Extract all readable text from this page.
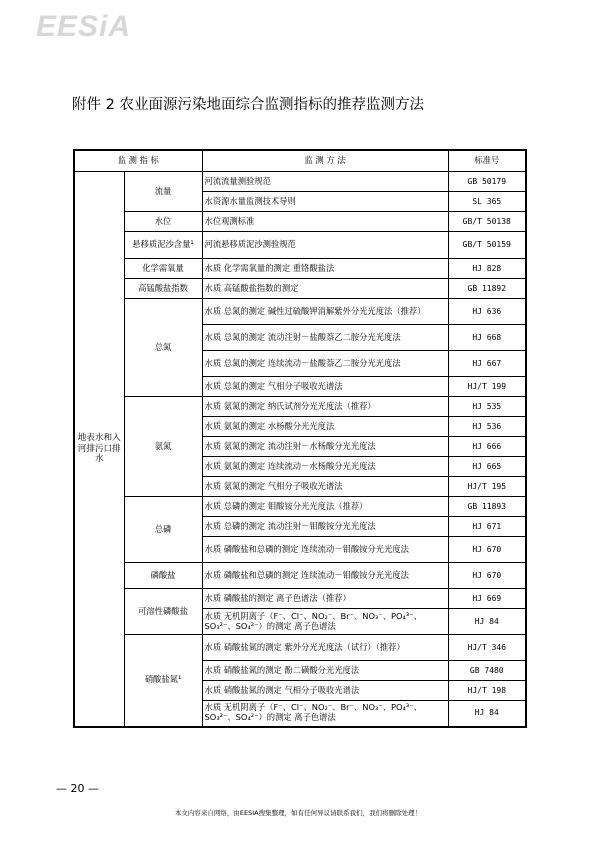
EESiA
附件 2 农业面源污染地面综合监测指标的推荐监测方法
监 测 指 标		监 测 方 法	标准号
地表水和入河排污口排水	流量	河流流量测验规范	GB 50179
		水资源水量监测技术导则	SL 365
	水位	水位观测标准	GB/T 50138
	悬移质泥沙含量¹	河流悬移质泥沙测验规范	GB/T 50159
	化学需氧量	水质 化学需氧量的测定 重铬酸盐法	HJ 828
	高锰酸盐指数	水质 高锰酸盐指数的测定	GB 11892
	总氮	水质 总氮的测定 碱性过硫酸钾消解紫外分光光度法（推荐）	HJ 636
		水质 总氮的测定 流动注射－盐酸萘乙二胺分光光度法	HJ 668
		水质 总氮的测定 连续流动－盐酸萘乙二胺分光光度法	HJ 667
		水质 总氮的测定 气相分子吸收光谱法	HJ/T 199
	氨氮	水质 氨氮的测定 纳氏试剂分光光度法（推荐）	HJ 535
		水质 氨氮的测定 水杨酸分光光度法	HJ 536
		水质 氨氮的测定 流动注射－水杨酸分光光度法	HJ 666
		水质 氨氮的测定 连续流动－水杨酸分光光度法	HJ 665
		水质 氨氮的测定 气相分子吸收光谱法	HJ/T 195
	总磷	水质 总磷的测定 钼酸铵分光光度法（推荐）	GB 11893
		水质 总磷的测定 流动注射－钼酸铵分光光度法	HJ 671
		水质 磷酸盐和总磷的测定 连续流动－钼酸铵分光光度法	HJ 670
	磷酸盐	水质 磷酸盐和总磷的测定 连续流动－钼酸铵分光光度法	HJ 670
	可溶性磷酸盐	水质 磷酸盐的测定 离子色谱法（推荐）	HJ 669
		水质 无机阴离子（F⁻、Cl⁻、NO₂⁻、Br⁻、NO₃⁻、PO₄³⁻、SO₃²⁻、SO₄²⁻）的测定 离子色谱法	HJ 84
	硝酸盐氮¹	水质 硝酸盐氮的测定 紫外分光光度法（试行）（推荐）	HJ/T 346
		水质 硝酸盐氮的测定 酚二磺酸分光光度法	GB 7480
		水质 硝酸盐氮的测定 气相分子吸收光谱法	HJ/T 198
		水质 无机阴离子（F⁻、Cl⁻、NO₂⁻、Br⁻、NO₃⁻、PO₄³⁻、SO₃²⁻、SO₄²⁻）的测定 离子色谱法	HJ 84
— 20 —
本文内容来自网络，由EESIA搜集整理，如有任何异议请联系我们，我们将删除处理！
